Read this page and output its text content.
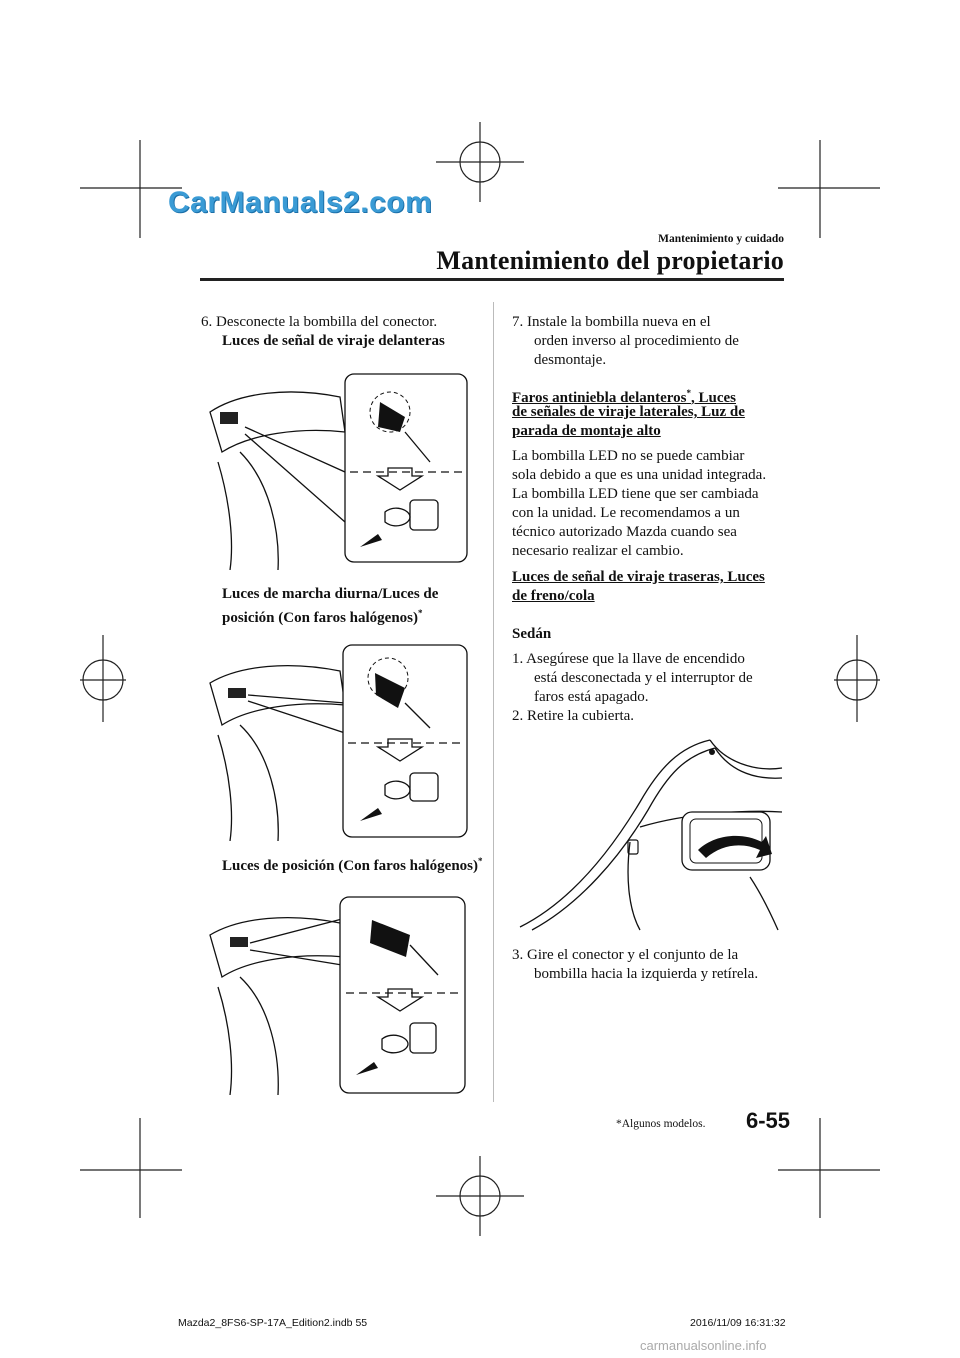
CarManuals2.com
Mantenimiento y cuidado
Mantenimiento del propietario
6. Desconecte la bombilla del conector.
Luces de señal de viraje delanteras
Luces de marcha diurna/Luces de
posición (Con faros halógenos)*
Luces de posición (Con faros halógenos)*
7. Instale la bombilla nueva en el
orden inverso al procedimiento de
desmontaje.
Faros antiniebla delanteros*, Luces
de señales de viraje laterales, Luz de
parada de montaje alto
La bombilla LED no se puede cambiar
sola debido a que es una unidad integrada.
La bombilla LED tiene que ser cambiada
con la unidad. Le recomendamos a un
técnico autorizado Mazda cuando sea
necesario realizar el cambio.
Luces de señal de viraje traseras, Luces
de freno/cola
Sedán
1. Asegúrese que la llave de encendido
está desconectada y el interruptor de
faros está apagado.
2. Retire la cubierta.
3. Gire el conector y el conjunto de la
bombilla hacia la izquierda y retírela.
*Algunos modelos. 6-55
Mazda2_8FS6-SP-17A_Edition2.indb 55	2016/11/09 16:31:32
carmanualsonline.info
